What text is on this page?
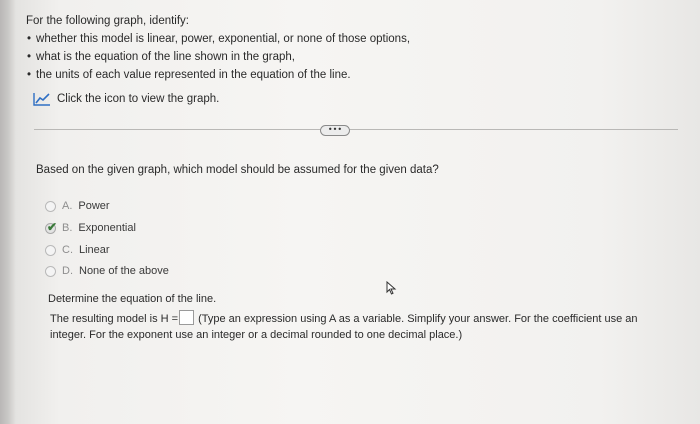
For the following graph, identify:
• whether this model is linear, power, exponential, or none of those options,
• what is the equation of the line shown in the graph,
• the units of each value represented in the equation of the line.
Click the icon to view the graph.
•••
Based on the given graph, which model should be assumed for the given data?
A. Power
✔ B. Exponential
C. Linear
D. None of the above
Determine the equation of the line.
The resulting model is H = (Type an expression using A as a variable. Simplify your answer. For the coefficient use an integer. For the exponent use an integer or a decimal rounded to one decimal place.)
